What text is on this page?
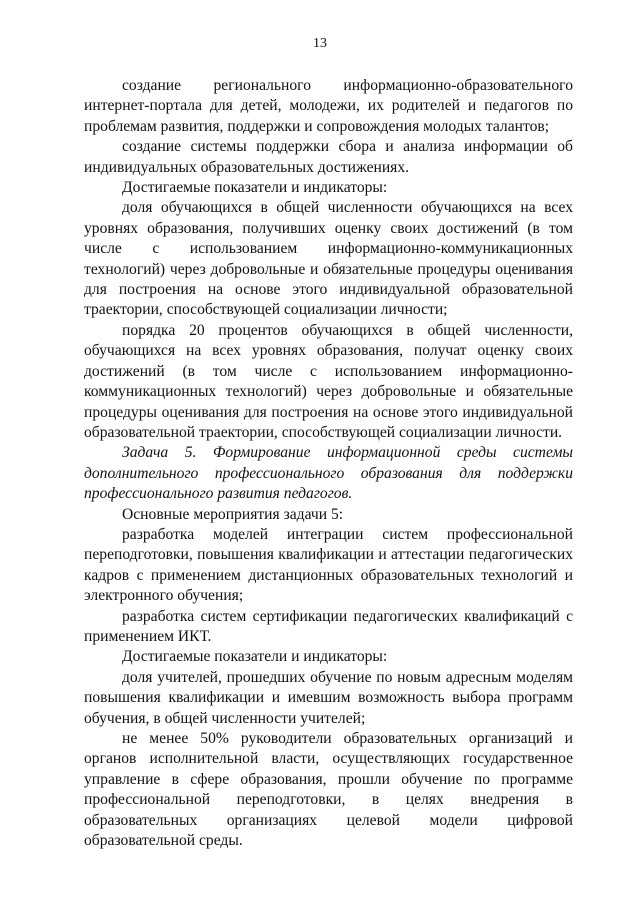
13

создание регионального информационно-образовательного интернет-портала для детей, молодежи, их родителей и педагогов по проблемам развития, поддержки и сопровождения молодых талантов;

создание системы поддержки сбора и анализа информации об индивидуальных образовательных достижениях.

Достигаемые показатели и индикаторы:

доля обучающихся в общей численности обучающихся на всех уровнях образования, получивших оценку своих достижений (в том числе с использованием информационно-коммуникационных технологий) через добровольные и обязательные процедуры оценивания для построения на основе этого индивидуальной образовательной траектории, способствующей социализации личности;

порядка 20 процентов обучающихся в общей численности, обучающихся на всех уровнях образования, получат оценку своих достижений (в том числе с использованием информационно-коммуникационных технологий) через добровольные и обязательные процедуры оценивания для построения на основе этого индивидуальной образовательной траектории, способствующей социализации личности.

Задача 5. Формирование информационной среды системы дополнительного профессионального образования для поддержки профессионального развития педагогов.

Основные мероприятия задачи 5:

разработка моделей интеграции систем профессиональной переподготовки, повышения квалификации и аттестации педагогических кадров с применением дистанционных образовательных технологий и электронного обучения;

разработка систем сертификации педагогических квалификаций с применением ИКТ.

Достигаемые показатели и индикаторы:

доля учителей, прошедших обучение по новым адресным моделям повышения квалификации и имевшим возможность выбора программ обучения, в общей численности учителей;

не менее 50% руководители образовательных организаций и органов исполнительной власти, осуществляющих государственное управление в сфере образования, прошли обучение по программе профессиональной переподготовки, в целях внедрения в образовательных организациях целевой модели цифровой образовательной среды.
